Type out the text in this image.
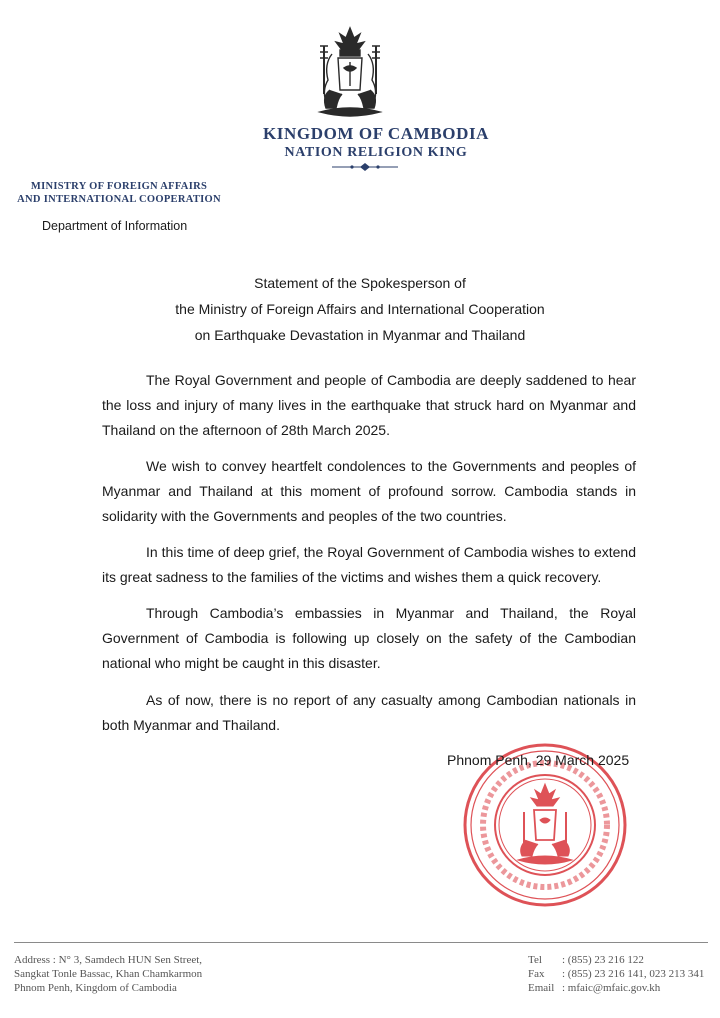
KINGDOM OF CAMBODIA
NATION RELIGION KING
MINISTRY OF FOREIGN AFFAIRS
AND INTERNATIONAL COOPERATION
Department of Information
Statement of the Spokesperson of
the Ministry of Foreign Affairs and International Cooperation
on Earthquake Devastation in Myanmar and Thailand

The Royal Government and people of Cambodia are deeply saddened to hear the loss and injury of many lives in the earthquake that struck hard on Myanmar and Thailand on the afternoon of 28th March 2025.

We wish to convey heartfelt condolences to the Governments and peoples of Myanmar and Thailand at this moment of profound sorrow. Cambodia stands in solidarity with the Governments and peoples of the two countries.

In this time of deep grief, the Royal Government of Cambodia wishes to extend its great sadness to the families of the victims and wishes them a quick recovery.

Through Cambodia’s embassies in Myanmar and Thailand, the Royal Government of Cambodia is following up closely on the safety of the Cambodian national who might be caught in this disaster.

As of now, there is no report of any casualty among Cambodian nationals in both Myanmar and Thailand.

Phnom Penh, 29 March 2025
Address : N° 3, Samdech HUN Sen Street,
Sangkat Tonle Bassac, Khan Chamkarmon
Phnom Penh, Kingdom of Cambodia
Tel : (855) 23 216 122
Fax : (855) 23 216 141, 023 213 341
Email : mfaic@mfaic.gov.kh
